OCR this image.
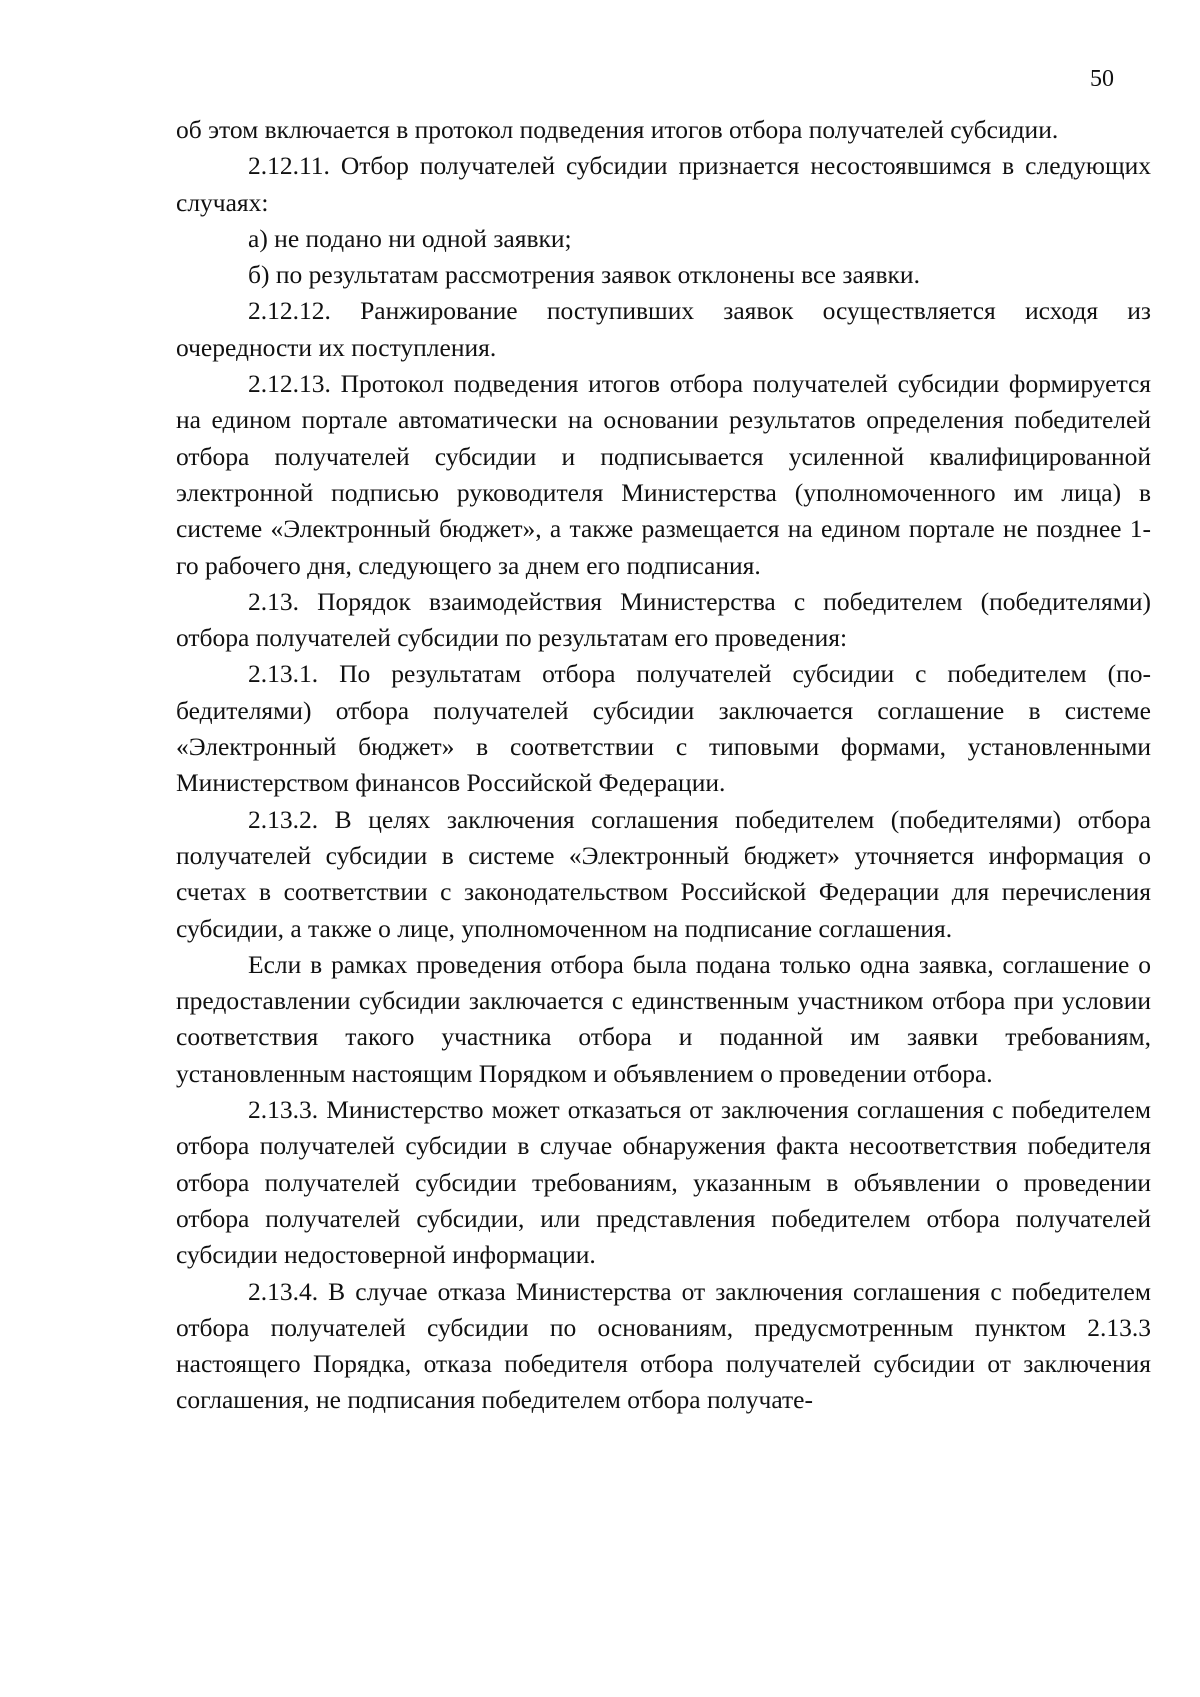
50

об этом включается в протокол подведения итогов отбора получателей субсидии.

2.12.11. Отбор получателей субсидии признается несостоявшимся в следующих случаях:

а) не подано ни одной заявки;

б) по результатам рассмотрения заявок отклонены все заявки.

2.12.12. Ранжирование поступивших заявок осуществляется исходя из очередности их поступления.

2.12.13. Протокол подведения итогов отбора получателей субсидии формируется на едином портале автоматически на основании результатов определения победителей отбора получателей субсидии и подписывается усиленной квалифицированной электронной подписью руководителя Министерства (уполномоченного им лица) в системе «Электронный бюджет», а также размещается на едином портале не позднее 1-го рабочего дня, следующего за днем его подписания.

2.13. Порядок взаимодействия Министерства с победителем (победителями) отбора получателей субсидии по результатам его проведения:

2.13.1. По результатам отбора получателей субсидии с победителем (победителями) отбора получателей субсидии заключается соглашение в системе «Электронный бюджет» в соответствии с типовыми формами, установленными Министерством финансов Российской Федерации.

2.13.2. В целях заключения соглашения победителем (победителями) отбора получателей субсидии в системе «Электронный бюджет» уточняется информация о счетах в соответствии с законодательством Российской Федерации для перечисления субсидии, а также о лице, уполномоченном на подписание соглашения.

Если в рамках проведения отбора была подана только одна заявка, соглашение о предоставлении субсидии заключается с единственным участником отбора при условии соответствия такого участника отбора и поданной им заявки требованиям, установленным настоящим Порядком и объявлением о проведении отбора.

2.13.3. Министерство может отказаться от заключения соглашения с победителем отбора получателей субсидии в случае обнаружения факта несоответствия победителя отбора получателей субсидии требованиям, указанным в объявлении о проведении отбора получателей субсидии, или представления победителем отбора получателей субсидии недостоверной информации.

2.13.4. В случае отказа Министерства от заключения соглашения с победителем отбора получателей субсидии по основаниям, предусмотренным пунктом 2.13.3 настоящего Порядка, отказа победителя отбора получателей субсидии от заключения соглашения, не подписания победителем отбора получате-
